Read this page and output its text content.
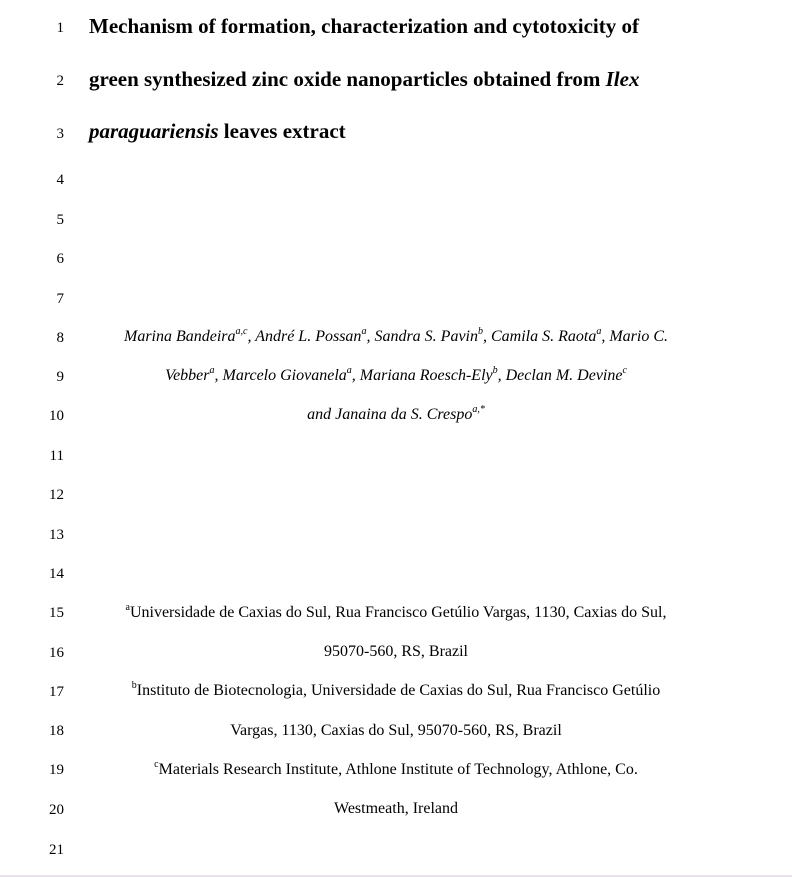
1
2
3
4
5
6
7
8
9
10
11
12
13
14
15
16
17
18
19
20
21
Mechanism of formation, characterization and cytotoxicity of
green synthesized zinc oxide nanoparticles obtained from Ilex
paraguariensis leaves extract
Marina Bandeira$^{a,c}$, André L. Possan$^a$, Sandra S. Pavin$^b$, Camila S. Raota$^a$, Mario C.
Vebber$^a$, Marcelo Giovanela$^a$, Mariana Roesch-Ely$^b$, Declan M. Devine$^c$
and Janaina da S. Crespo$^{a,*}$
$^a$Universidade de Caxias do Sul, Rua Francisco Getúlio Vargas, 1130, Caxias do Sul,
95070-560, RS, Brazil
$^b$Instituto de Biotecnologia, Universidade de Caxias do Sul, Rua Francisco Getúlio
Vargas, 1130, Caxias do Sul, 95070-560, RS, Brazil
$^c$Materials Research Institute, Athlone Institute of Technology, Athlone, Co.
Westmeath, Ireland
